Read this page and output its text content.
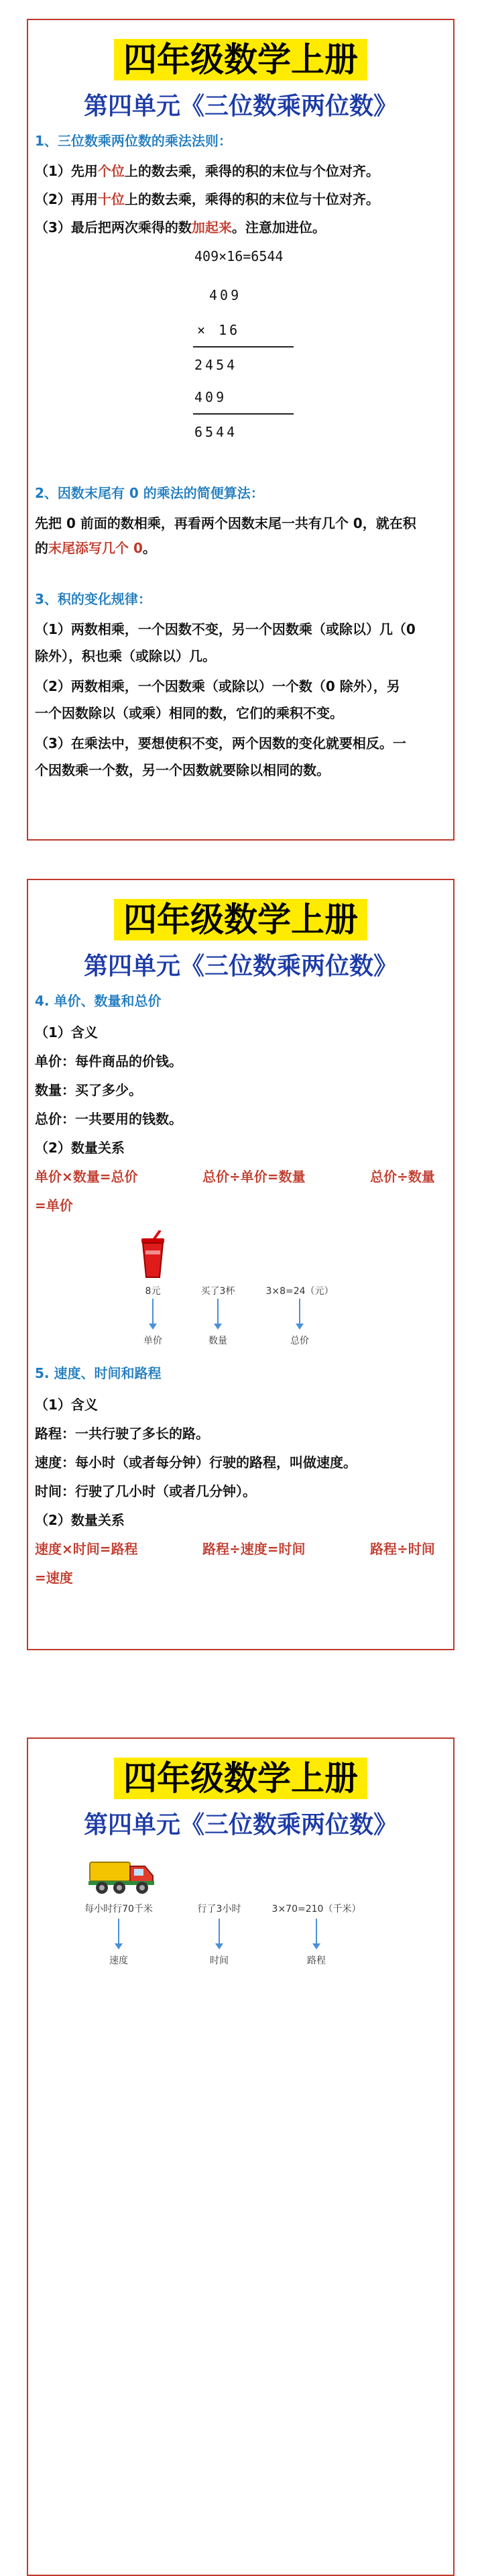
四年级数学上册
第四单元《三位数乘两位数》
1、三位数乘两位数的乘法法则：
（1）先用个位上的数去乘，乘得的积的末位与个位对齐。
（2）再用十位上的数去乘，乘得的积的末位与十位对齐。
（3）最后把两次乘得的数加起来。注意加进位。
409×16=6544
409
× 16
2454
409
6544
2、因数末尾有 0 的乘法的简便算法：
先把 0 前面的数相乘，再看两个因数末尾一共有几个 0，就在积
的末尾添写几个 0。
3、积的变化规律：
（1）两数相乘，一个因数不变，另一个因数乘（或除以）几（0
除外），积也乘（或除以）几。
（2）两数相乘，一个因数乘（或除以）一个数（0 除外），另
一个因数除以（或乘）相同的数，它们的乘积不变。
（3）在乘法中，要想使积不变，两个因数的变化就要相反。一
个因数乘一个数，另一个因数就要除以相同的数。
四年级数学上册
第四单元《三位数乘两位数》
4. 单价、数量和总价
（1）含义
单价：每件商品的价钱。
数量：买了多少。
总价：一共要用的钱数。
（2）数量关系
单价×数量=总价	总价÷单价=数量	总价÷数量
=单价
8元	买了3杯	3×8=24（元）
单价	数量	总价
5. 速度、时间和路程
（1）含义
路程：一共行驶了多长的路。
速度：每小时（或者每分钟）行驶的路程，叫做速度。
时间：行驶了几小时（或者几分钟）。
（2）数量关系
速度×时间=路程	路程÷速度=时间	路程÷时间
=速度
四年级数学上册
第四单元《三位数乘两位数》
每小时行70千米	行了3小时	3×70=210（千米）
速度	时间	路程
